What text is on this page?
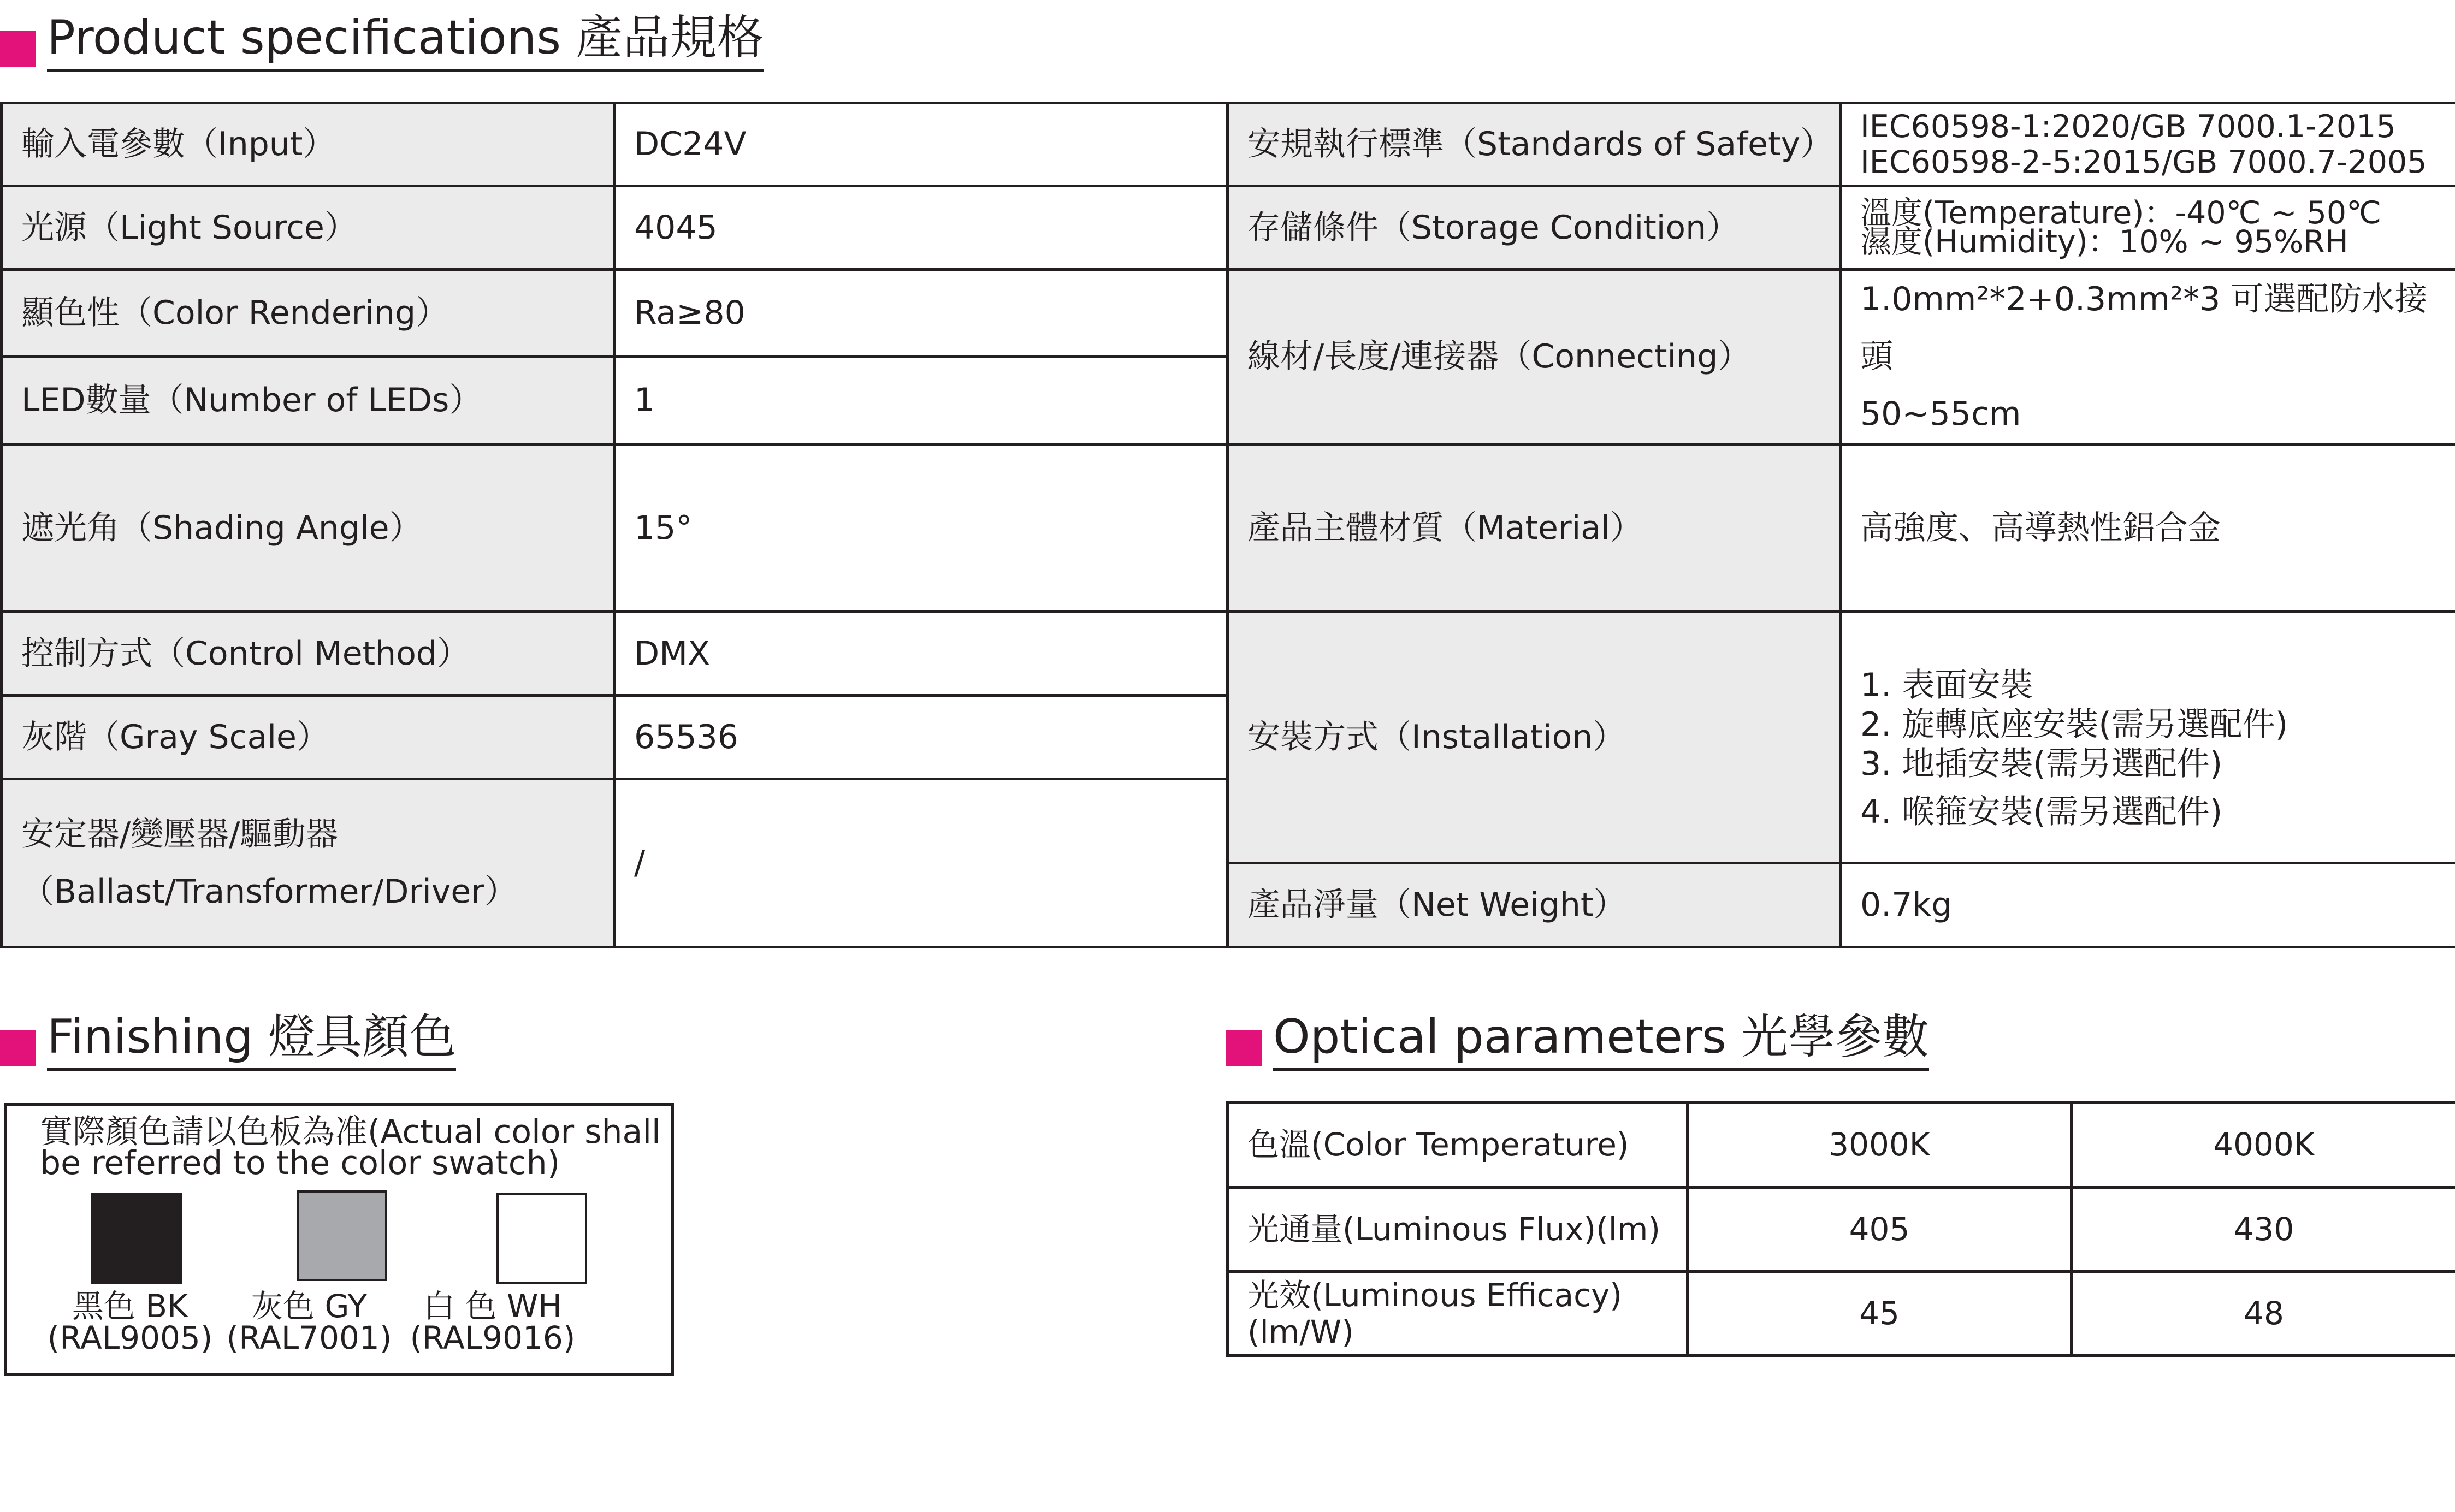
Product specifications 產品規格
輸入電參數（Input）	DC24V	安規執行標準（Standards of Safety）	IEC60598-1:2020/GB 7000.1-2015
IEC60598-2-5:2015/GB 7000.7-2005

光源（Light Source）	4045	存儲條件（Storage Condition）	溫度(Temperature)：-40℃ ~ 50℃
濕度(Humidity)：10% ~ 95%RH

顯色性（Color Rendering）	Ra≥80	線材/長度/連接器（Connecting）	1.0mm²*2+0.3mm²*3 可選配防水接頭
50~55cm

LED數量（Number of LEDs）	1		
遮光角（Shading Angle）	15°	產品主體材質（Material）	高強度、高導熱性鋁合金
控制方式（Control Method）	DMX	安裝方式（Installation）	1. 表面安裝
2. 旋轉底座安裝(需另選配件)
3. 地插安裝(需另選配件)
4. 喉箍安裝(需另選配件)

灰階（Gray Scale）	65536		

安定器/變壓器/驅動器
（Ballast/Transformer/Driver）	/		
		產品淨量（Net Weight）	0.7kg
Finishing 燈具顏色
實際顏色請以色板為准(Actual color shall
be referred to the color swatch)
黑色 BK
(RAL9005)
灰色 GY
(RAL7001)
白 色 WH
(RAL9016)
Optical parameters 光學參數
色溫(Color Temperature)	3000K	4000K
光通量(Luminous Flux)(lm)	405	430
光效(Luminous Efficacy)(lm/W)	45	48
